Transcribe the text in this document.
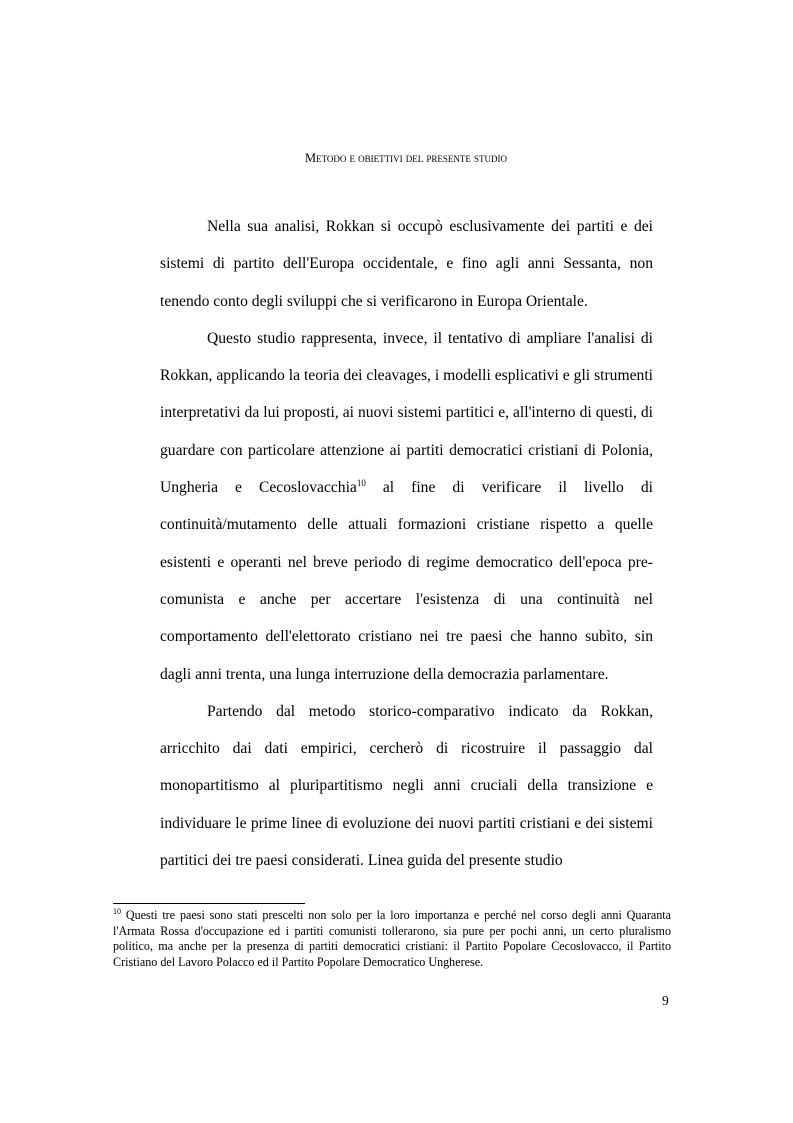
Metodo e obiettivi del presente studio

Nella sua analisi, Rokkan si occupò esclusivamente dei partiti e dei sistemi di partito dell'Europa occidentale, e fino agli anni Sessanta, non tenendo conto degli sviluppi che si verificarono in Europa Orientale.

Questo studio rappresenta, invece, il tentativo di ampliare l'analisi di Rokkan, applicando la teoria dei cleavages, i modelli esplicativi e gli strumenti interpretativi da lui proposti, ai nuovi sistemi partitici e, all'interno di questi, di guardare con particolare attenzione ai partiti democratici cristiani di Polonia, Ungheria e Cecoslovacchia$^{10}$ al fine di verificare il livello di continuità/mutamento delle attuali formazioni cristiane rispetto a quelle esistenti e operanti nel breve periodo di regime democratico dell'epoca pre-comunista e anche per accertare l'esistenza di una continuità nel comportamento dell'elettorato cristiano nei tre paesi che hanno subìto, sin dagli anni trenta, una lunga interruzione della democrazia parlamentare.

Partendo dal metodo storico-comparativo indicato da Rokkan, arricchito dai dati empirici, cercherò di ricostruire il passaggio dal monopartitismo al pluripartitismo negli anni cruciali della transizione e individuare le prime linee di evoluzione dei nuovi partiti cristiani e dei sistemi partitici dei tre paesi considerati. Linea guida del presente studio

$^{10}$ Questi tre paesi sono stati prescelti non solo per la loro importanza e perché nel corso degli anni Quaranta l'Armata Rossa d'occupazione ed i partiti comunisti tollerarono, sia pure per pochi anni, un certo pluralismo politico, ma anche per la presenza di partiti democratici cristiani: il Partito Popolare Cecoslovacco, il Partito Cristiano del Lavoro Polacco ed il Partito Popolare Democratico Ungherese.
9
